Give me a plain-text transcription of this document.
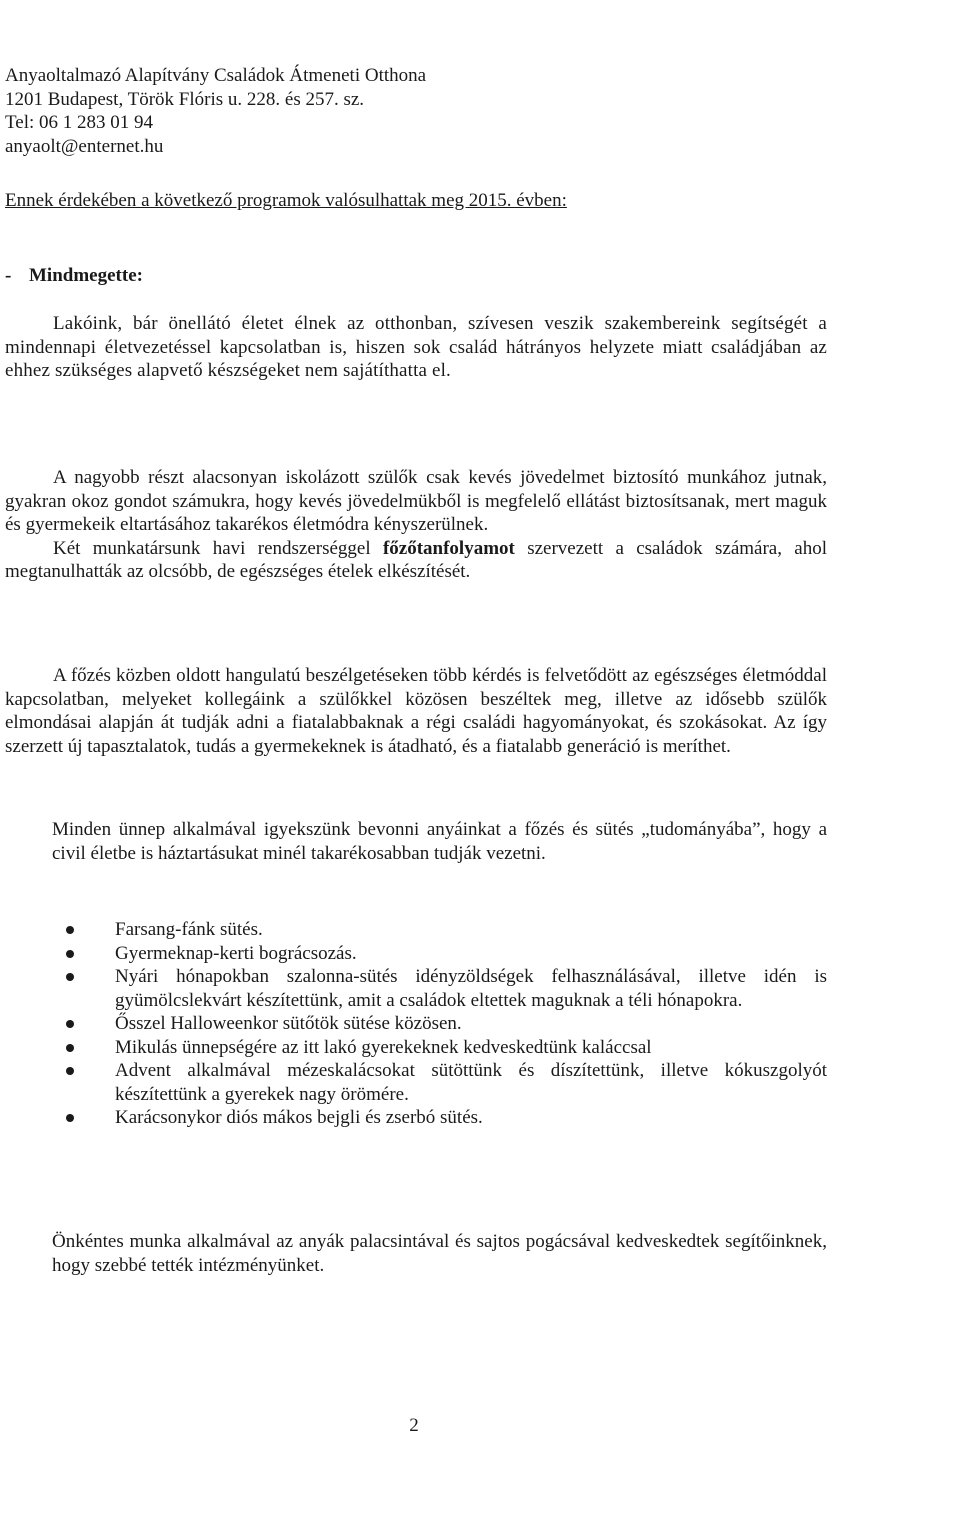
Anyaoltalmazó Alapítvány Családok Átmeneti Otthona
1201 Budapest, Török Flóris u. 228. és 257. sz.
Tel: 06 1 283 01 94
anyaolt@enternet.hu
Ennek érdekében a következő programok valósulhattak meg 2015. évben:
- Mindmegette:

Lakóink, bár önellátó életet élnek az otthonban, szívesen veszik szakembereink segítségét a mindennapi életvezetéssel kapcsolatban is, hiszen sok család hátrányos helyzete miatt családjában az ehhez szükséges alapvető készségeket nem sajátíthatta el.

A nagyobb részt alacsonyan iskolázott szülők csak kevés jövedelmet biztosító munkához jutnak, gyakran okoz gondot számukra, hogy kevés jövedelmükből is megfelelő ellátást biztosítsanak, mert maguk és gyermekeik eltartásához takarékos életmódra kényszerülnek.

Két munkatársunk havi rendszerséggel főzőtanfolyamot szervezett a családok számára, ahol megtanulhatták az olcsóbb, de egészséges ételek elkészítését.

A főzés közben oldott hangulatú beszélgetéseken több kérdés is felvetődött az egészséges életmóddal kapcsolatban, melyeket kollegáink a szülőkkel közösen beszéltek meg, illetve az idősebb szülők elmondásai alapján át tudják adni a fiatalabbaknak a régi családi hagyományokat, és szokásokat. Az így szerzett új tapasztalatok, tudás a gyermekeknek is átadható, és a fiatalabb generáció is meríthet.

Minden ünnep alkalmával igyekszünk bevonni anyáinkat a főzés és sütés „tudományába”, hogy a civil életbe is háztartásukat minél takarékosabban tudják vezetni.

Farsang-fánk sütés.
Gyermeknap-kerti bográcsozás.
Nyári hónapokban szalonna-sütés idényzöldségek felhasználásával, illetve idén is gyümölcslekvárt készítettünk, amit a családok eltettek maguknak a téli hónapokra.
Ősszel Halloweenkor sütőtök sütése közösen.
Mikulás ünnepségére az itt lakó gyerekeknek kedveskedtünk kaláccsal
Advent alkalmával mézeskalácsokat sütöttünk és díszítettünk, illetve kókuszgolyót készítettünk a gyerekek nagy örömére.
Karácsonykor diós mákos bejgli és zserbó sütés.

Önkéntes munka alkalmával az anyák palacsintával és sajtos pogácsával kedveskedtek segítőinknek, hogy szebbé tették intézményünket.

2
